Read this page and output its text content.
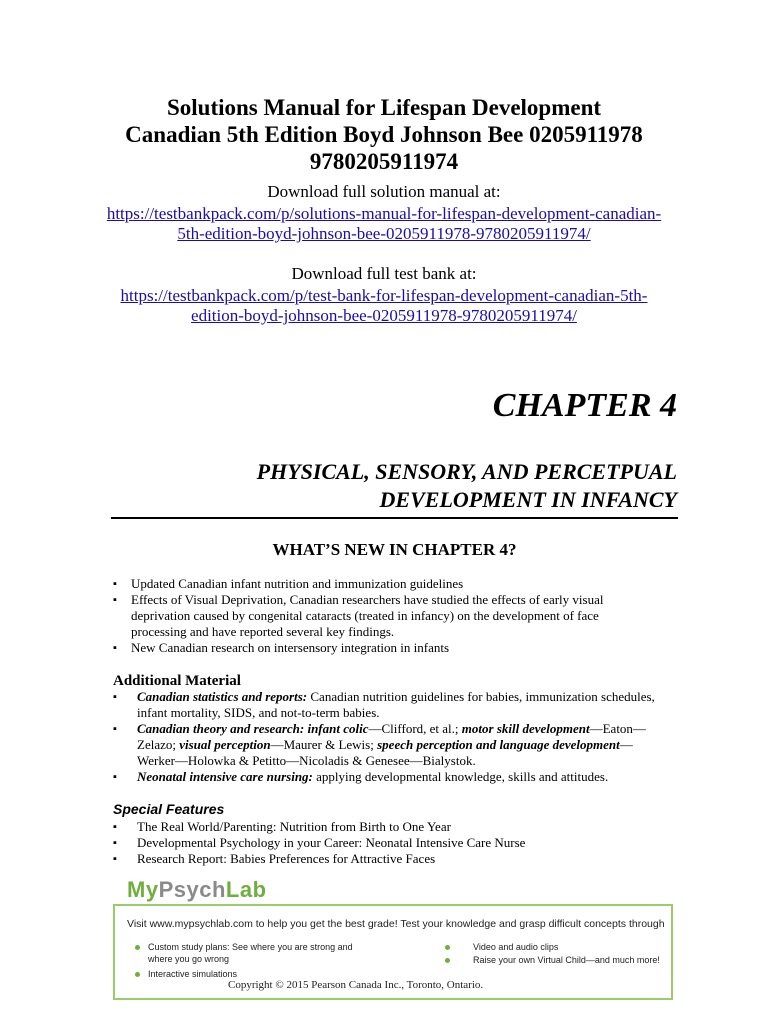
Solutions Manual for Lifespan Development
Canadian 5th Edition Boyd Johnson Bee 0205911978
9780205911974
Download full solution manual at:
https://testbankpack.com/p/solutions-manual-for-lifespan-development-canadian-
5th-edition-boyd-johnson-bee-0205911978-9780205911974/
Download full test bank at:
https://testbankpack.com/p/test-bank-for-lifespan-development-canadian-5th-
edition-boyd-johnson-bee-0205911978-9780205911974/
CHAPTER 4
PHYSICAL, SENSORY, AND PERCETPUAL
DEVELOPMENT IN INFANCY
WHAT’S NEW IN CHAPTER 4?
▪ Updated Canadian infant nutrition and immunization guidelines
▪ Effects of Visual Deprivation, Canadian researchers have studied the effects of early visual deprivation caused by congenital cataracts (treated in infancy) on the development of face processing and have reported several key findings.
▪ New Canadian research on intersensory integration in infants
Additional Material
▪ Canadian statistics and reports: Canadian nutrition guidelines for babies, immunization schedules, infant mortality, SIDS, and not-to-term babies.
▪ Canadian theory and research: infant colic—Clifford, et al.; motor skill development—Eaton—Zelazo; visual perception—Maurer & Lewis; speech perception and language development—Werker—Holowka & Petitto—Nicoladis & Genesee—Bialystok.
▪ Neonatal intensive care nursing: applying developmental knowledge, skills and attitudes.
Special Features
▪ The Real World/Parenting: Nutrition from Birth to One Year
▪ Developmental Psychology in your Career: Neonatal Intensive Care Nurse
▪ Research Report: Babies Preferences for Attractive Faces
MyPsychLab
Visit www.mypsychlab.com to help you get the best grade! Test your knowledge and grasp difficult concepts through
Custom study plans: See where you are strong and where you go wrong
Interactive simulations
Video and audio clips
Raise your own Virtual Child—and much more!
Copyright © 2015 Pearson Canada Inc., Toronto, Ontario.
